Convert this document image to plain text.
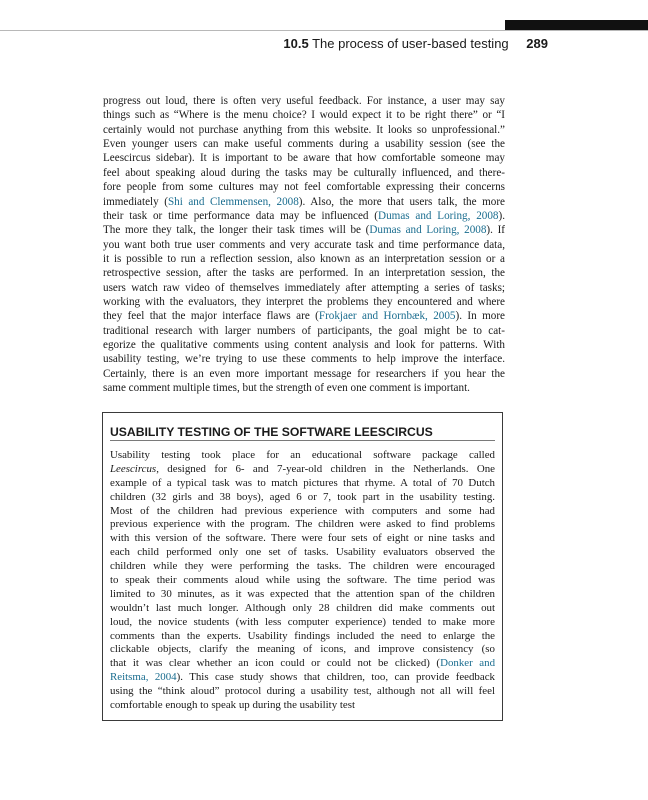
10.5 The process of user-based testing 289
progress out loud, there is often very useful feedback. For instance, a user may say
things such as “Where is the menu choice? I would expect it to be right there” or “I
certainly would not purchase anything from this website. It looks so unprofessional.”
Even younger users can make useful comments during a usability session (see the
Leescircus sidebar). It is important to be aware that how comfortable someone may
feel about speaking aloud during the tasks may be culturally influenced, and there-
fore people from some cultures may not feel comfortable expressing their concerns
immediately (Shi and Clemmensen, 2008). Also, the more that users talk, the more
their task or time performance data may be influenced (Dumas and Loring, 2008).
The more they talk, the longer their task times will be (Dumas and Loring, 2008). If
you want both true user comments and very accurate task and time performance data,
it is possible to run a reflection session, also known as an interpretation session or a
retrospective session, after the tasks are performed. In an interpretation session, the
users watch raw video of themselves immediately after attempting a series of tasks;
working with the evaluators, they interpret the problems they encountered and where
they feel that the major interface flaws are (Frokjaer and Hornbæk, 2005). In more
traditional research with larger numbers of participants, the goal might be to cat-
egorize the qualitative comments using content analysis and look for patterns. With
usability testing, we’re trying to use these comments to help improve the interface.
Certainly, there is an even more important message for researchers if you hear the
same comment multiple times, but the strength of even one comment is important.
USABILITY TESTING OF THE SOFTWARE LEESCIRCUS
Usability testing took place for an educational software package called
Leescircus, designed for 6- and 7-year-old children in the Netherlands. One
example of a typical task was to match pictures that rhyme. A total of 70 Dutch
children (32 girls and 38 boys), aged 6 or 7, took part in the usability testing.
Most of the children had previous experience with computers and some had
previous experience with the program. The children were asked to find problems
with this version of the software. There were four sets of eight or nine tasks and
each child performed only one set of tasks. Usability evaluators observed the
children while they were performing the tasks. The children were encouraged
to speak their comments aloud while using the software. The time period was
limited to 30 minutes, as it was expected that the attention span of the children
wouldn’t last much longer. Although only 28 children did make comments out
loud, the novice students (with less computer experience) tended to make more
comments than the experts. Usability findings included the need to enlarge the
clickable objects, clarify the meaning of icons, and improve consistency (so
that it was clear whether an icon could or could not be clicked) (Donker and
Reitsma, 2004). This case study shows that children, too, can provide feedback
using the “think aloud” protocol during a usability test, although not all will feel
comfortable enough to speak up during the usability test
